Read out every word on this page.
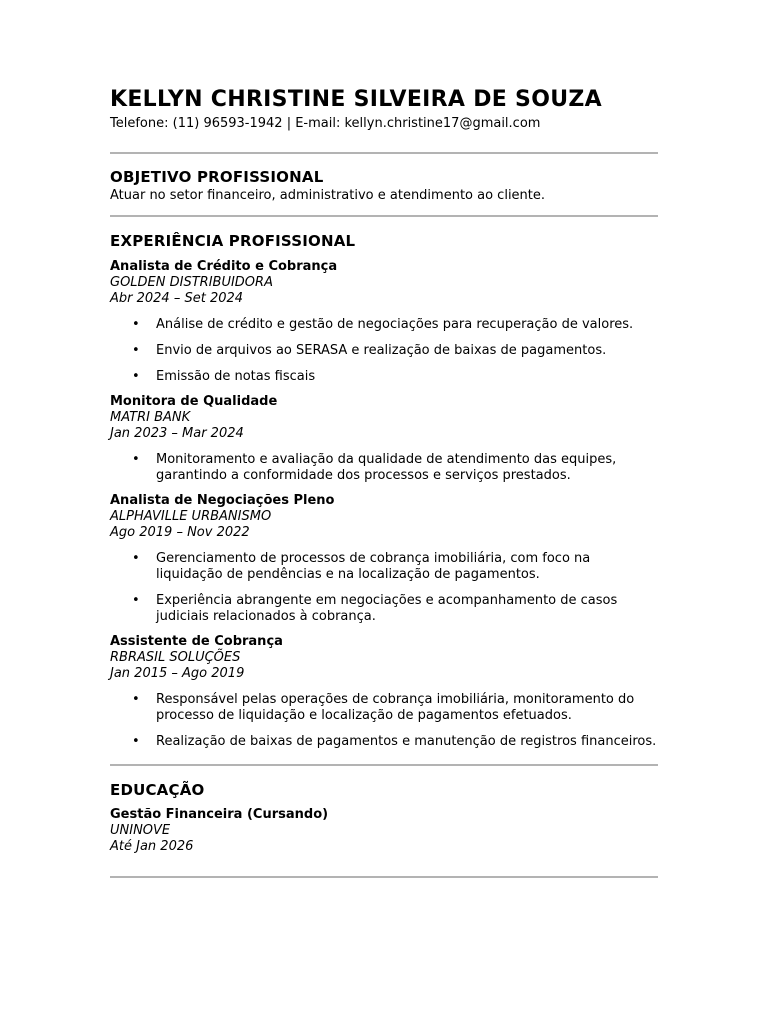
KELLYN CHRISTINE SILVEIRA DE SOUZA
Telefone: (11) 96593-1942 | E-mail: kellyn.christine17@gmail.com
OBJETIVO PROFISSIONAL
Atuar no setor financeiro, administrativo e atendimento ao cliente.
EXPERIÊNCIA PROFISSIONAL
Analista de Crédito e Cobrança
GOLDEN DISTRIBUIDORA
Abr 2024 – Set 2024
• Análise de crédito e gestão de negociações para recuperação de valores.
• Envio de arquivos ao SERASA e realização de baixas de pagamentos.
• Emissão de notas fiscais
Monitora de Qualidade
MATRI BANK
Jan 2023 – Mar 2024
• Monitoramento e avaliação da qualidade de atendimento das equipes, garantindo a conformidade dos processos e serviços prestados.
Analista de Negociações Pleno
ALPHAVILLE URBANISMO
Ago 2019 – Nov 2022
• Gerenciamento de processos de cobrança imobiliária, com foco na liquidação de pendências e na localização de pagamentos.
• Experiência abrangente em negociações e acompanhamento de casos judiciais relacionados à cobrança.
Assistente de Cobrança
RBRASIL SOLUÇÕES
Jan 2015 – Ago 2019
• Responsável pelas operações de cobrança imobiliária, monitoramento do processo de liquidação e localização de pagamentos efetuados.
• Realização de baixas de pagamentos e manutenção de registros financeiros.
EDUCAÇÃO
Gestão Financeira (Cursando)
UNINOVE
Até Jan 2026
